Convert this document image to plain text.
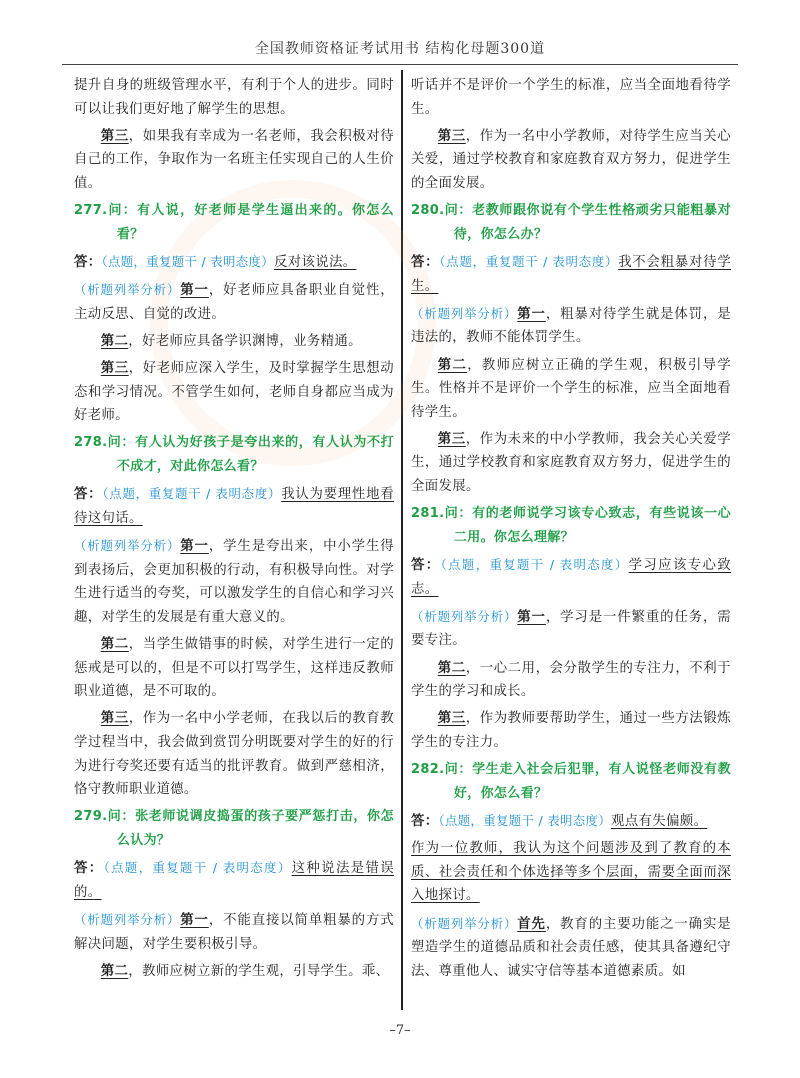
全国教师资格证考试用书 结构化母题300道

提升自身的班级管理水平，有利于个人的进步。同时可以让我们更好地了解学生的思想。

第三，如果我有幸成为一名老师，我会积极对待自己的工作，争取作为一名班主任实现自己的人生价值。

277.问：有人说，好老师是学生逼出来的。你怎么看？

答：（点题，重复题干 / 表明态度）反对该说法。

（析题列举分析）第一，好老师应具备职业自觉性，主动反思、自觉的改进。

第二，好老师应具备学识渊博，业务精通。

第三，好老师应深入学生，及时掌握学生思想动态和学习情况。不管学生如何，老师自身都应当成为好老师。

278.问：有人认为好孩子是夸出来的，有人认为不打不成才，对此你怎么看？

答：（点题，重复题干 / 表明态度）我认为要理性地看待这句话。

（析题列举分析）第一，学生是夸出来，中小学生得到表扬后，会更加积极的行动，有积极导向性。对学生进行适当的夸奖，可以激发学生的自信心和学习兴趣，对学生的发展是有重大意义的。

第二，当学生做错事的时候，对学生进行一定的惩戒是可以的，但是不可以打骂学生，这样违反教师职业道德，是不可取的。

第三，作为一名中小学老师，在我以后的教育教学过程当中，我会做到赏罚分明既要对学生的好的行为进行夸奖还要有适当的批评教育。做到严慈相济，恪守教师职业道德。

279.问：张老师说调皮捣蛋的孩子要严惩打击，你怎么认为？

答：（点题，重复题干 / 表明态度）这种说法是错误的。

（析题列举分析）第一，不能直接以简单粗暴的方式解决问题，对学生要积极引导。

第二，教师应树立新的学生观，引导学生。乖、

听话并不是评价一个学生的标准，应当全面地看待学生。

第三，作为一名中小学教师，对待学生应当关心关爱，通过学校教育和家庭教育双方努力，促进学生的全面发展。

280.问：老教师跟你说有个学生性格顽劣只能粗暴对待，你怎么办？

答：（点题，重复题干 / 表明态度）我不会粗暴对待学生。

（析题列举分析）第一，粗暴对待学生就是体罚，是违法的，教师不能体罚学生。

第二，教师应树立正确的学生观，积极引导学生。性格并不是评价一个学生的标准，应当全面地看待学生。

第三，作为未来的中小学教师，我会关心关爱学生，通过学校教育和家庭教育双方努力，促进学生的全面发展。

281.问：有的老师说学习该专心致志，有些说该一心二用。你怎么理解？

答：（点题，重复题干 / 表明态度）学习应该专心致志。

（析题列举分析）第一，学习是一件繁重的任务，需要专注。

第二，一心二用，会分散学生的专注力，不利于学生的学习和成长。

第三，作为教师要帮助学生，通过一些方法锻炼学生的专注力。

282.问：学生走入社会后犯罪，有人说怪老师没有教好，你怎么看？

答：（点题，重复题干 / 表明态度）观点有失偏颇。

作为一位教师，我认为这个问题涉及到了教育的本质、社会责任和个体选择等多个层面，需要全面而深入地探讨。

（析题列举分析）首先，教育的主要功能之一确实是塑造学生的道德品质和社会责任感，使其具备遵纪守法、尊重他人、诚实守信等基本道德素质。如

–7–
